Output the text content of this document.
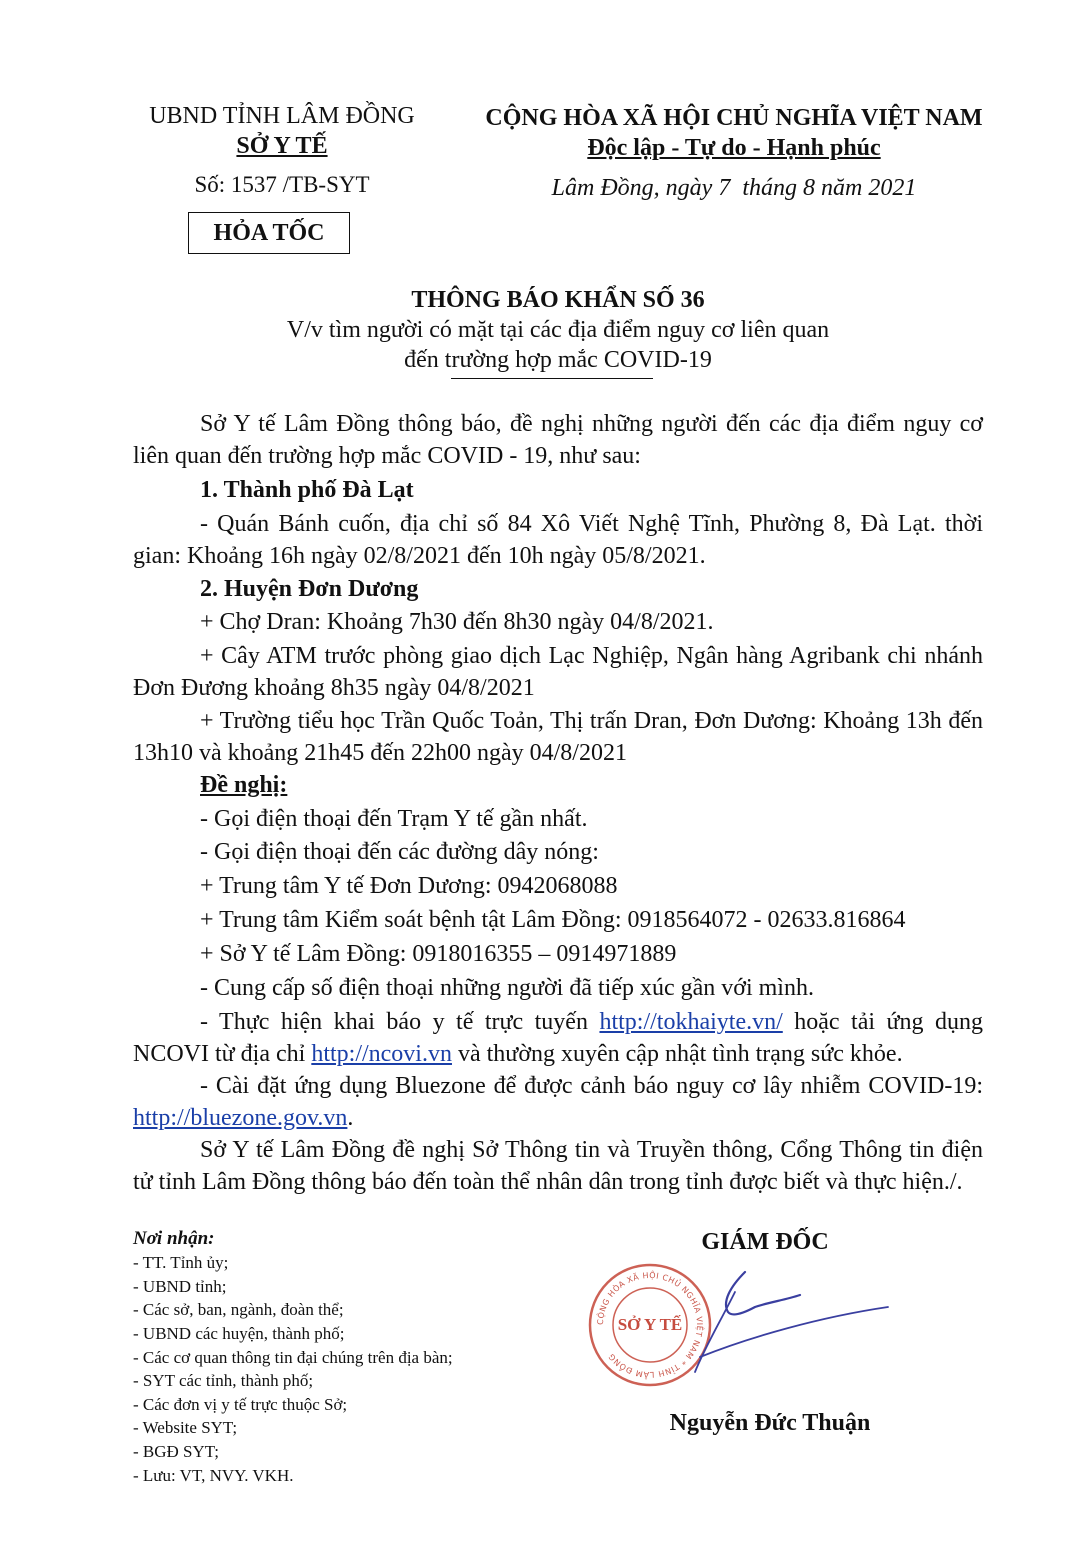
UBND TỈNH LÂM ĐỒNG
SỞ Y TẾ
Số: 1537 /TB-SYT
HỎA TỐC
CỘNG HÒA XÃ HỘI CHỦ NGHĨA VIỆT NAM
Độc lập - Tự do - Hạnh phúc
Lâm Đồng, ngày 7  tháng 8 năm 2021
THÔNG BÁO KHẨN SỐ 36
V/v tìm người có mặt tại các địa điểm nguy cơ liên quan
đến trường hợp mắc COVID-19
Sở Y tế Lâm Đồng thông báo, đề nghị những người đến các địa điểm nguy cơ liên quan đến trường hợp mắc COVID - 19, như sau:
1. Thành phố Đà Lạt
- Quán Bánh cuốn, địa chỉ số 84 Xô Viết Nghệ Tĩnh, Phường 8, Đà Lạt. thời gian: Khoảng 16h ngày 02/8/2021 đến 10h ngày 05/8/2021.
2. Huyện Đơn Dương
+ Chợ Dran: Khoảng 7h30 đến 8h30 ngày 04/8/2021.
+ Cây ATM trước phòng giao dịch Lạc Nghiệp, Ngân hàng Agribank chi nhánh Đơn Đương khoảng 8h35 ngày 04/8/2021
+ Trường tiểu học Trần Quốc Toản, Thị trấn Dran, Đơn Dương: Khoảng 13h đến 13h10 và khoảng 21h45 đến 22h00 ngày 04/8/2021
Đề nghị:
- Gọi điện thoại đến Trạm Y tế gần nhất.
- Gọi điện thoại đến các đường dây nóng:
+ Trung tâm Y tế Đơn Dương: 0942068088
+ Trung tâm Kiểm soát bệnh tật Lâm Đồng: 0918564072 - 02633.816864
+ Sở Y tế Lâm Đồng: 0918016355 – 0914971889
- Cung cấp số điện thoại những người đã tiếp xúc gần với mình.
- Thực hiện khai báo y tế trực tuyến http://tokhaiyte.vn/ hoặc tải ứng dụng NCOVI từ địa chỉ http://ncovi.vn và thường xuyên cập nhật tình trạng sức khỏe.
- Cài đặt ứng dụng Bluezone để được cảnh báo nguy cơ lây nhiễm COVID-19: http://bluezone.gov.vn.
Sở Y tế Lâm Đồng đề nghị Sở Thông tin và Truyền thông, Cổng Thông tin điện tử tỉnh Lâm Đồng thông báo đến toàn thể nhân dân trong tỉnh được biết và thực hiện./.
Nơi nhận:
- TT. Tỉnh ủy;
- UBND tỉnh;
- Các sở, ban, ngành, đoàn thể;
- UBND các huyện, thành phố;
- Các cơ quan thông tin đại chúng trên địa bàn;
- SYT các tỉnh, thành phố;
- Các đơn vị y tế trực thuộc Sở;
- Website SYT;
- BGĐ SYT;
- Lưu: VT, NVY. VKH.
GIÁM ĐỐC
CỘNG HÒA XÃ HỘI CHỦ NGHĨA VIỆT NAM * TỈNH LÂM ĐỒNG
SỞ Y TẾ
Nguyễn Đức Thuận
